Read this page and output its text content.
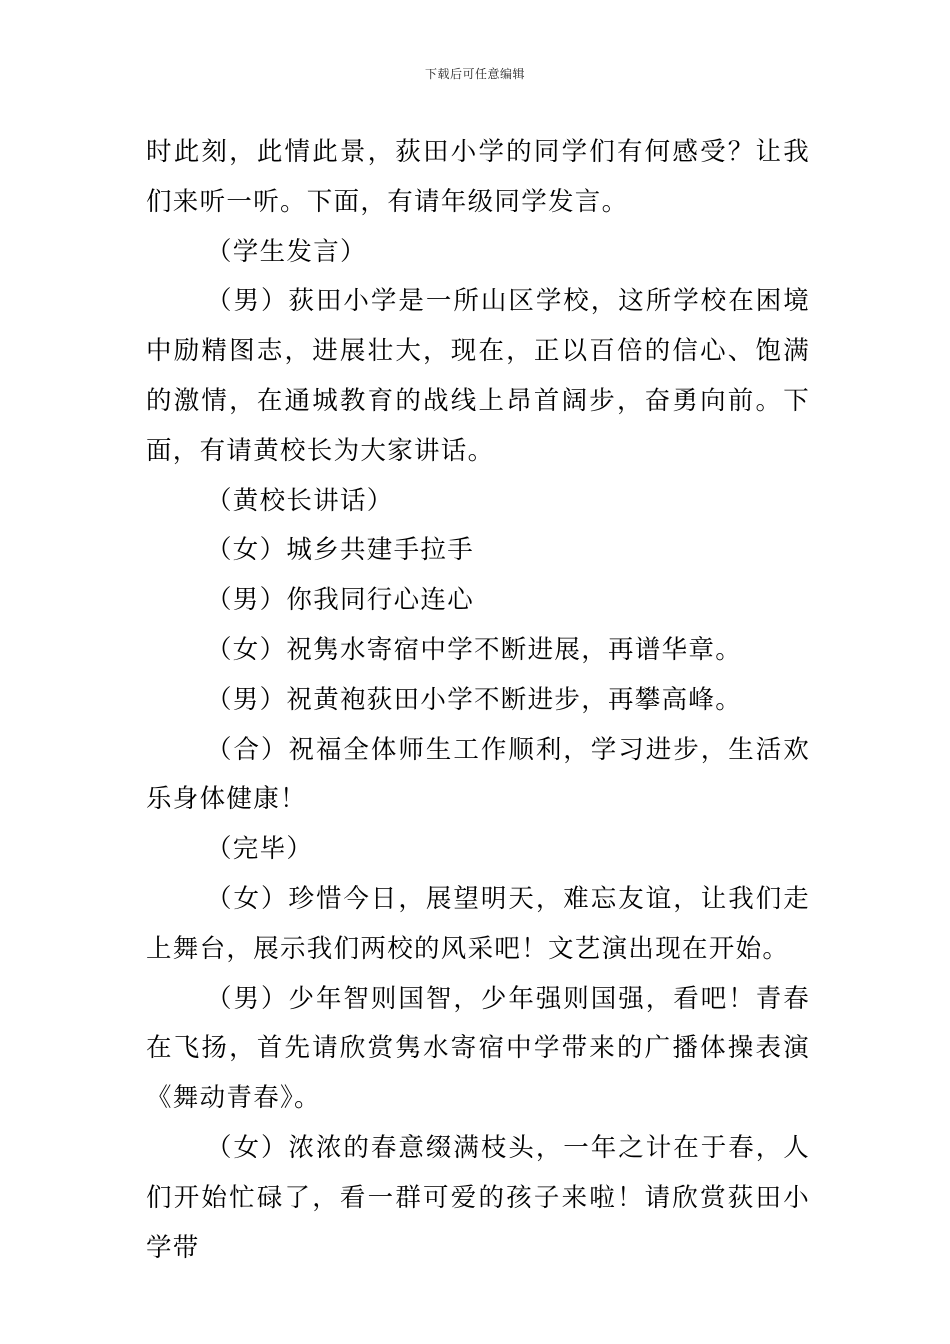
下载后可任意编辑

时此刻，此情此景，荻田小学的同学们有何感受？让我们来听一听。下面，有请年级同学发言。

（学生发言）

（男）荻田小学是一所山区学校，这所学校在困境中励精图志，进展壮大，现在，正以百倍的信心、饱满的激情，在通城教育的战线上昂首阔步，奋勇向前。下面，有请黄校长为大家讲话。

（黄校长讲话）

（女）城乡共建手拉手

（男）你我同行心连心

（女）祝隽水寄宿中学不断进展，再谱华章。

（男）祝黄袍荻田小学不断进步，再攀高峰。

（合）祝福全体师生工作顺利，学习进步，生活欢乐身体健康！

（完毕）

（女）珍惜今日，展望明天，难忘友谊，让我们走上舞台，展示我们两校的风采吧！文艺演出现在开始。

（男）少年智则国智，少年强则国强，看吧！青春在飞扬，首先请欣赏隽水寄宿中学带来的广播体操表演《舞动青春》。

（女）浓浓的春意缀满枝头，一年之计在于春，人们开始忙碌了，看一群可爱的孩子来啦！请欣赏荻田小学带
